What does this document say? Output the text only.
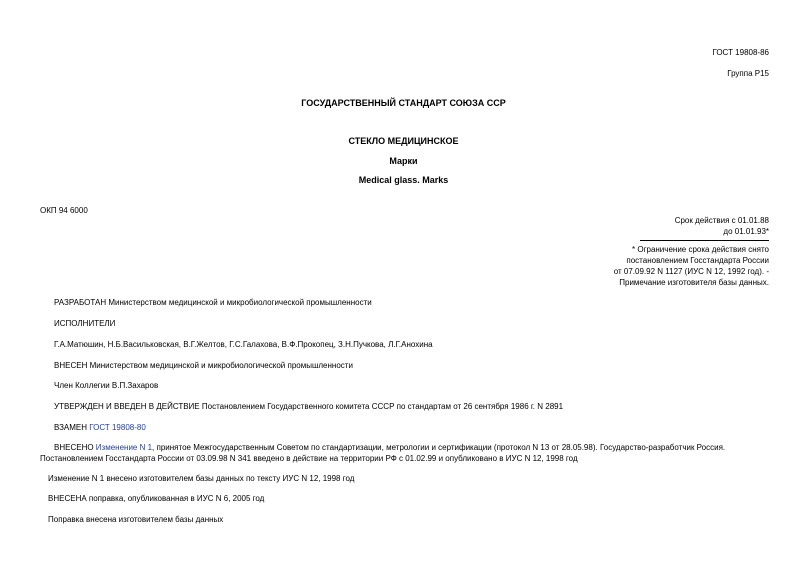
ГОСТ 19808-86
Группа Р15
ГОСУДАРСТВЕННЫЙ СТАНДАРТ СОЮЗА ССР
СТЕКЛО МЕДИЦИНСКОЕ
Марки
Medical glass. Marks
ОКП 94 6000
Срок действия с 01.01.88
до 01.01.93*
* Ограничение срока действия снято
постановлением Госстандарта России
от 07.09.92 N 1127 (ИУС N 12, 1992 год). -
Примечание изготовителя базы данных.
РАЗРАБОТАН Министерством медицинской и микробиологической промышленности
ИСПОЛНИТЕЛИ
Г.А.Матюшин, Н.Б.Васильковская, В.Г.Желтов, Г.С.Галахова, В.Ф.Прокопец, З.Н.Пучкова, Л.Г.Анохина
ВНЕСЕН Министерством медицинской и микробиологической промышленности
Член Коллегии В.П.Захаров
УТВЕРЖДЕН И ВВЕДЕН В ДЕЙСТВИЕ Постановлением Государственного комитета СССР по стандартам от 26 сентября 1986 г. N 2891
ВЗАМЕН ГОСТ 19808-80
ВНЕСЕНО Изменение N 1, принятое Межгосударственным Советом по стандартизации, метрологии и сертификации (протокол N 13 от 28.05.98). Государство-разработчик Россия. Постановлением Госстандарта России от 03.09.98 N 341 введено в действие на территории РФ с 01.02.99 и опубликовано в ИУС N 12, 1998 год
Изменение N 1 внесено изготовителем базы данных по тексту ИУС N 12, 1998 год
ВНЕСЕНА поправка, опубликованная в ИУС N 6, 2005 год
Поправка внесена изготовителем базы данных
